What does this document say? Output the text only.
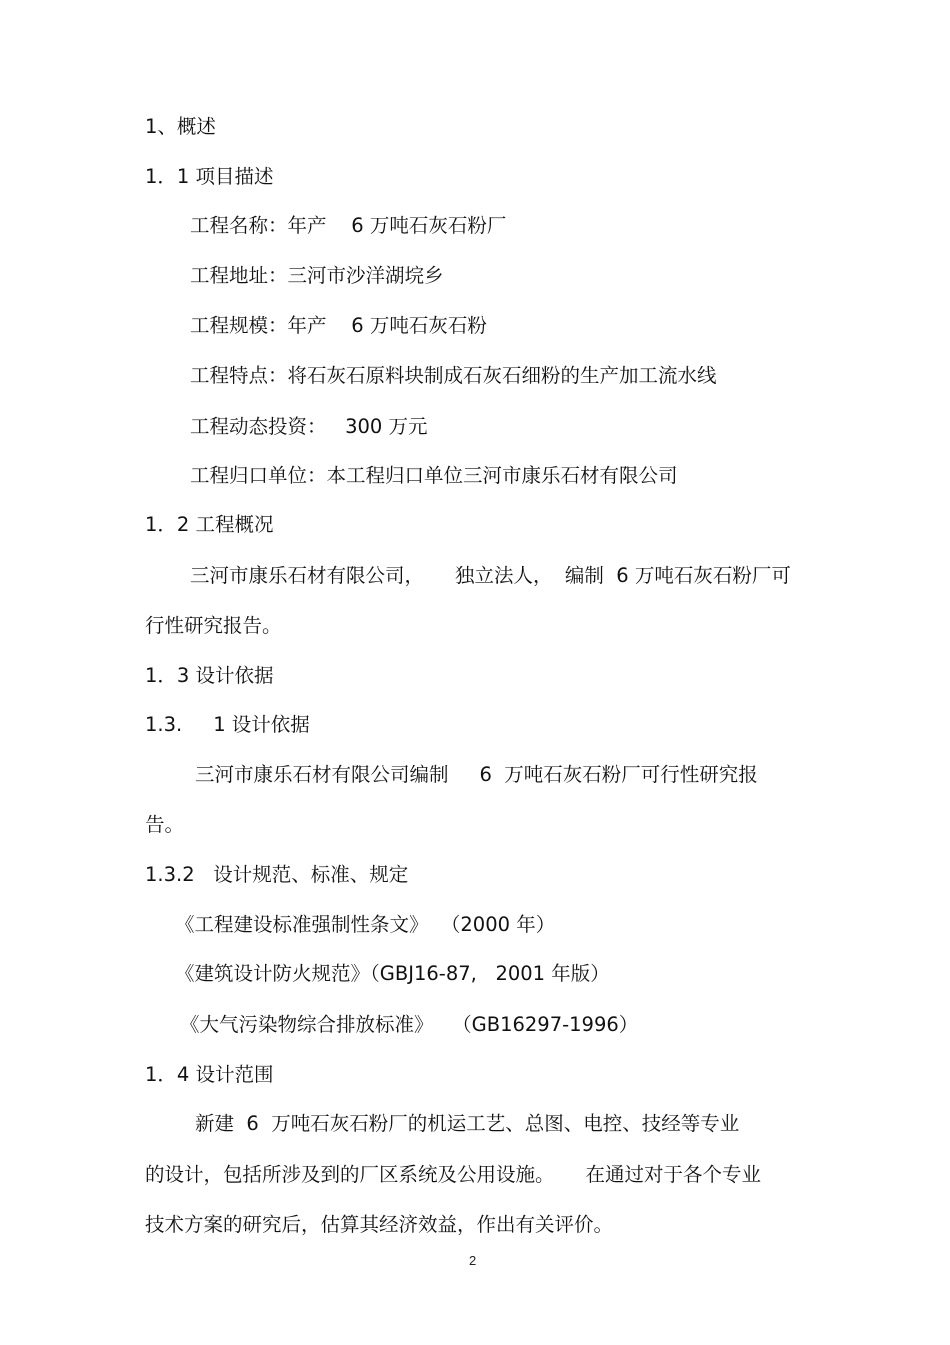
1、概述
1．1 项目描述
工程名称：年产    6 万吨石灰石粉厂
工程地址：三河市沙洋湖垸乡
工程规模：年产    6 万吨石灰石粉
工程特点：将石灰石原料块制成石灰石细粉的生产加工流水线
工程动态投资：   300 万元
工程归口单位：本工程归口单位三河市康乐石材有限公司
1．2 工程概况
三河市康乐石材有限公司，     独立法人，  编制  6 万吨石灰石粉厂可
行性研究报告。
1．3 设计依据
1.3.     1 设计依据
三河市康乐石材有限公司编制     6  万吨石灰石粉厂可行性研究报
告。
1.3.2   设计规范、标准、规定
《工程建设标准强制性条文》  （2000 年）
《建筑设计防火规范》（GBJ16-87,   2001 年版）
《大气污染物综合排放标准》   （GB16297-1996）
1．4 设计范围
新建  6  万吨石灰石粉厂的机运工艺、总图、电控、技经等专业
的设计，包括所涉及到的厂区系统及公用设施。     在通过对于各个专业
技术方案的研究后，估算其经济效益，作出有关评价。
2
